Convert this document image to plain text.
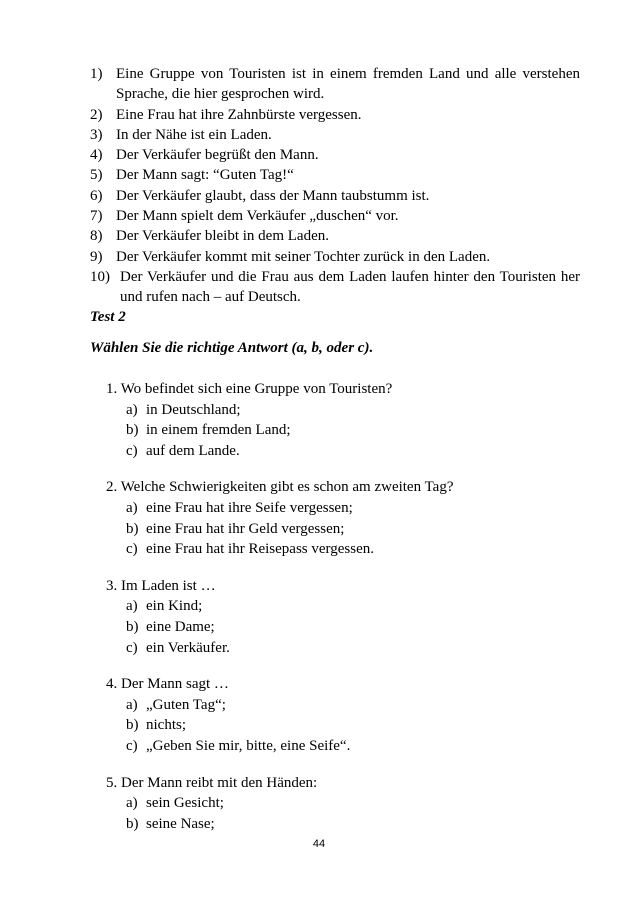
1) Eine Gruppe von Touristen ist in einem fremden Land und alle verstehen Sprache, die hier gesprochen wird.
2) Eine Frau hat ihre Zahnbürste vergessen.
3) In der Nähe ist ein Laden.
4) Der Verkäufer begrüßt den Mann.
5) Der Mann sagt: “Guten Tag!“
6) Der Verkäufer glaubt, dass der Mann taubstumm ist.
7) Der Mann spielt dem Verkäufer „duschen“ vor.
8) Der Verkäufer bleibt in dem Laden.
9) Der Verkäufer kommt mit seiner Tochter zurück in den Laden.
10) Der Verkäufer und die Frau aus dem Laden laufen hinter den Touristen her und rufen nach – auf Deutsch.
Test 2
Wählen Sie die richtige Antwort (a, b, oder c).
1. Wo befindet sich eine Gruppe von Touristen?
a) in Deutschland;
b) in einem fremden Land;
c) auf dem Lande.
2. Welche Schwierigkeiten gibt es schon am zweiten Tag?
a) eine Frau hat ihre Seife vergessen;
b) eine Frau hat ihr Geld vergessen;
c) eine Frau hat ihr Reisepass vergessen.
3. Im Laden ist …
a) ein Kind;
b) eine Dame;
c) ein Verkäufer.
4. Der Mann sagt …
a) „Guten Tag“;
b) nichts;
c) „Geben Sie mir, bitte, eine Seife“.
5. Der Mann reibt mit den Händen:
a) sein Gesicht;
b) seine Nase;
44
